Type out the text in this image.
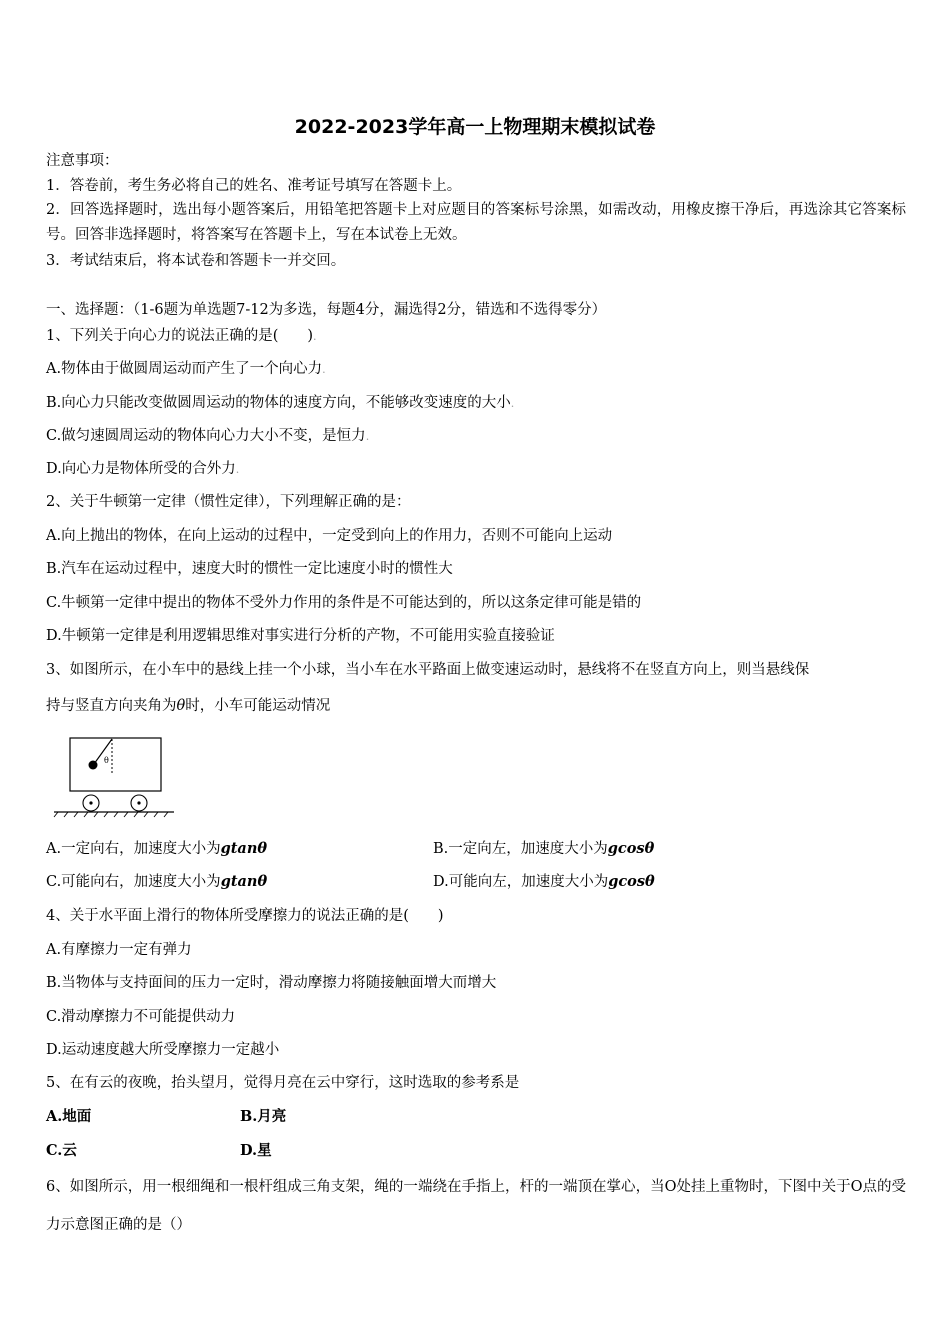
2022-2023学年高一上物理期末模拟试卷
注意事项：
1．答卷前，考生务必将自己的姓名、准考证号填写在答题卡上。
2．回答选择题时，选出每小题答案后，用铅笔把答题卡上对应题目的答案标号涂黑，如需改动，用橡皮擦干净后，再选涂其它答案标号。回答非选择题时，将答案写在答题卡上，写在本试卷上无效。
3．考试结束后，将本试卷和答题卡一并交回。
一、选择题：（1-6题为单选题7-12为多选，每题4分，漏选得2分，错选和不选得零分）
1、下列关于向心力的说法正确的是(　　).
A.物体由于做圆周运动而产生了一个向心力.
B.向心力只能改变做圆周运动的物体的速度方向，不能够改变速度的大小.
C.做匀速圆周运动的物体向心力大小不变，是恒力.
D.向心力是物体所受的合外力.
2、关于牛顿第一定律（惯性定律），下列理解正确的是：
A.向上抛出的物体，在向上运动的过程中，一定受到向上的作用力，否则不可能向上运动
B.汽车在运动过程中，速度大时的惯性一定比速度小时的惯性大
C.牛顿第一定律中提出的物体不受外力作用的条件是不可能达到的，所以这条定律可能是错的
D.牛顿第一定律是利用逻辑思维对事实进行分析的产物，不可能用实验直接验证
3、如图所示，在小车中的悬线上挂一个小球，当小车在水平路面上做变速运动时，悬线将不在竖直方向上，则当悬线保
持与竖直方向夹角为θ时，小车可能运动情况
θ
A.一定向右，加速度大小为gtanθ	B.一定向左，加速度大小为gcosθ
C.可能向右，加速度大小为gtanθ	D.可能向左，加速度大小为gcosθ
4、关于水平面上滑行的物体所受摩擦力的说法正确的是(　　)
A.有摩擦力一定有弹力
B.当物体与支持面间的压力一定时，滑动摩擦力将随接触面增大而增大
C.滑动摩擦力不可能提供动力
D.运动速度越大所受摩擦力一定越小
5、在有云的夜晚，抬头望月，觉得月亮在云中穿行，这时选取的参考系是
A.地面	B.月亮
C.云	D.星
6、如图所示，用一根细绳和一根杆组成三角支架，绳的一端绕在手指上，杆的一端顶在掌心，当O处挂上重物时，下图中关于O点的受力示意图正确的是（）
